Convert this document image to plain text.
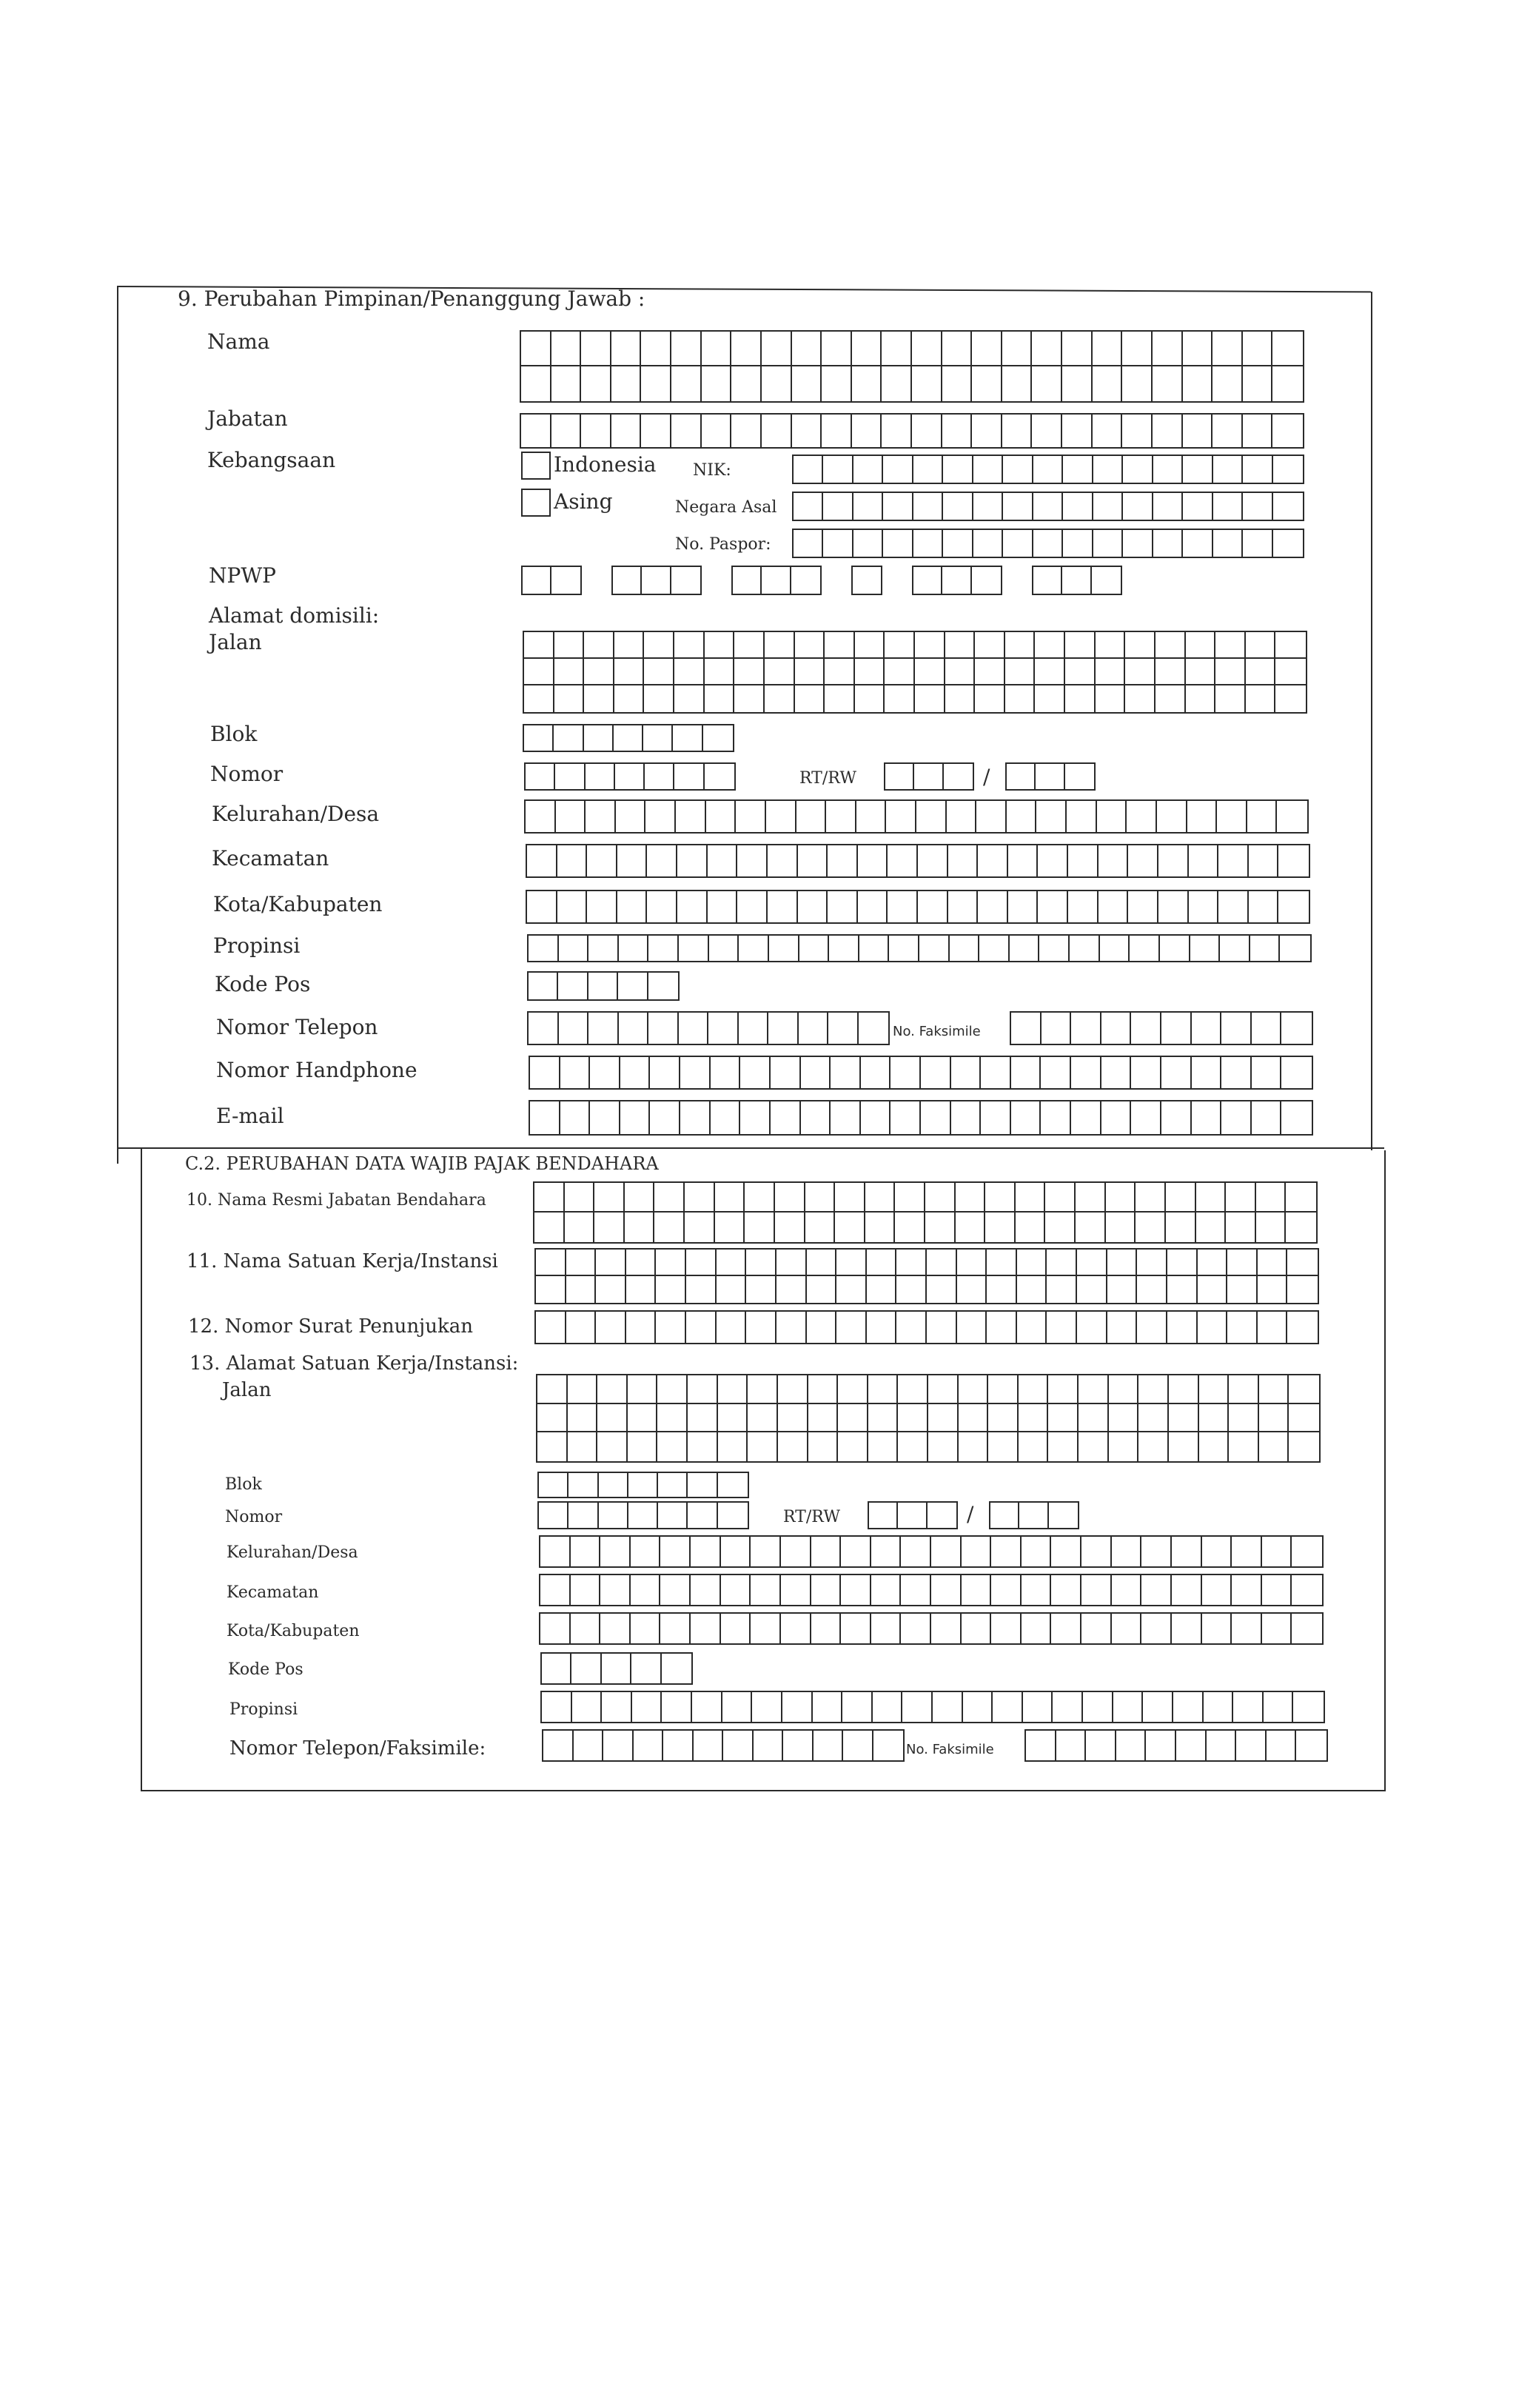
9. Perubahan Pimpinan/Penanggung Jawab :
Nama
Jabatan
Kebangsaan	Indonesia NIK:
Asing	Negara Asal
No. Paspor:
NPWP
Alamat domisili:
Jalan
Blok
Nomor	RT/RW	/
Kelurahan/Desa
Kecamatan
Kota/Kabupaten
Propinsi
Kode Pos
Nomor Telepon	No. Faksimile
Nomor Handphone
E-mail
C.2. PERUBAHAN DATA WAJIB PAJAK BENDAHARA
10. Nama Resmi Jabatan Bendahara
11. Nama Satuan Kerja/Instansi
12. Nomor Surat Penunjukan
13. Alamat Satuan Kerja/Instansi:
Jalan
Blok
Nomor	RT/RW	/
Kelurahan/Desa
Kecamatan
Kota/Kabupaten
Kode Pos
Propinsi
Nomor Telepon/Faksimile:	No. Faksimile
